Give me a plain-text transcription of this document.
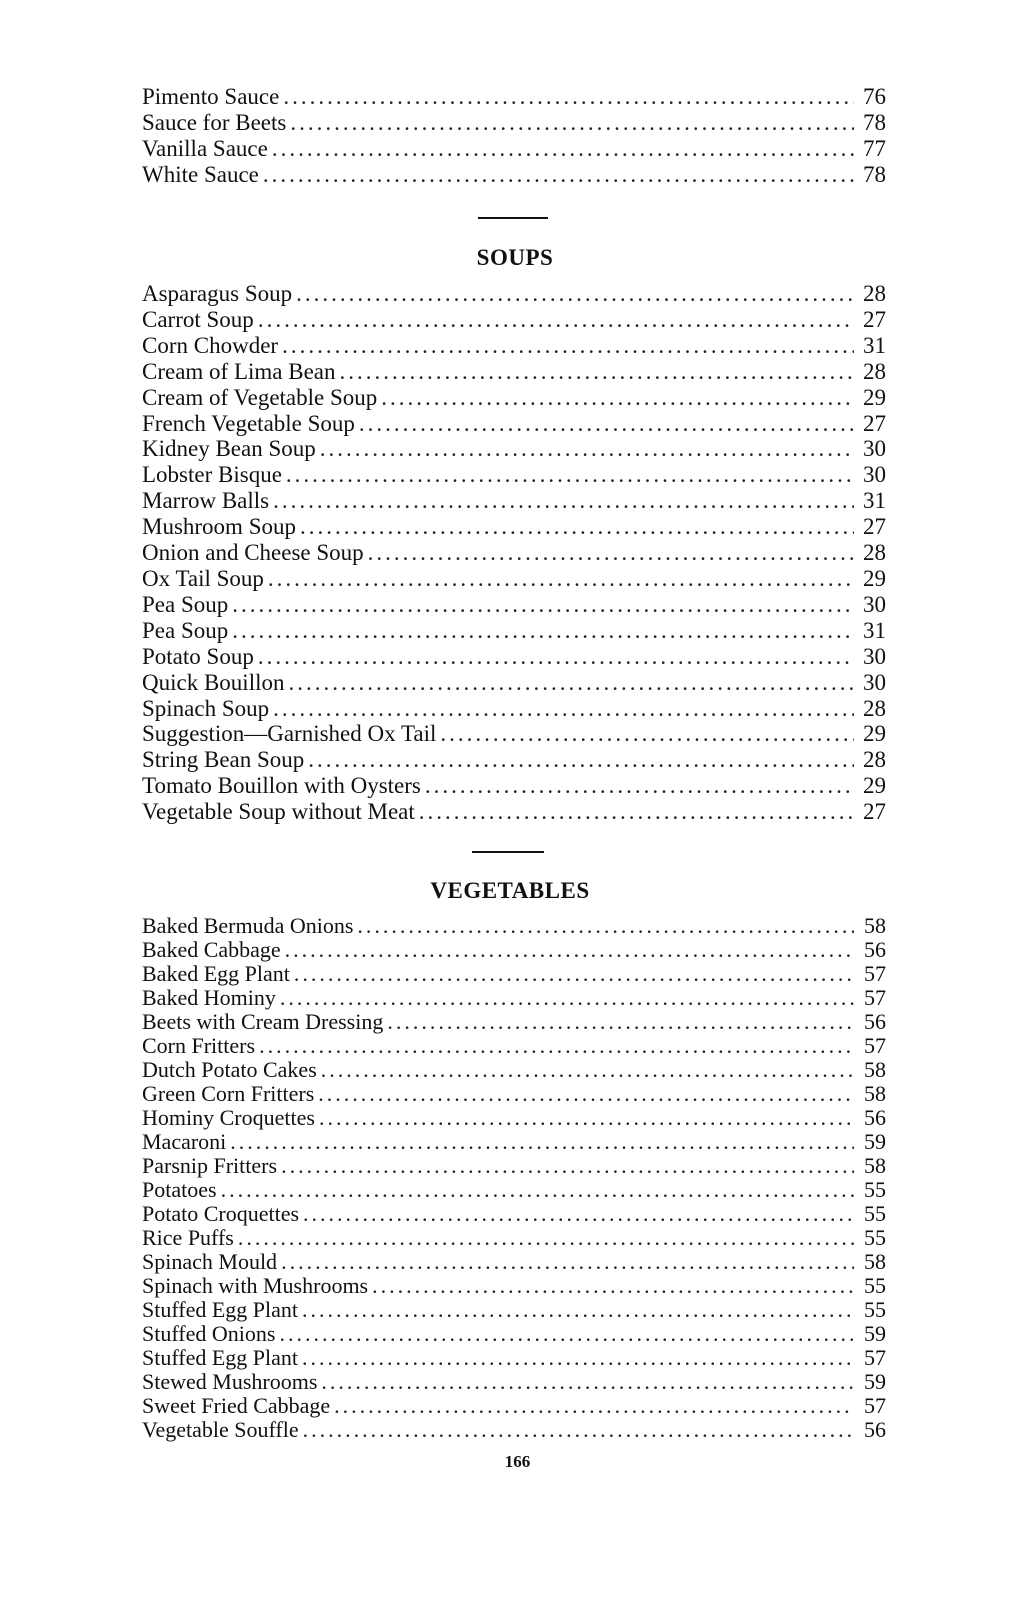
Pimento Sauce .....	76
Sauce for Beets .....	78
Vanilla Sauce .....	77
White Sauce .....	78
SOUPS
Asparagus Soup .....	28
Carrot Soup .....	27
Corn Chowder .....	31
Cream of Lima Bean .....	28
Cream of Vegetable Soup .....	29
French Vegetable Soup .....	27
Kidney Bean Soup .....	30
Lobster Bisque .....	30
Marrow Balls .....	31
Mushroom Soup .....	27
Onion and Cheese Soup .....	28
Ox Tail Soup .....	29
Pea Soup .....	30
Pea Soup .....	31
Potato Soup .....	30
Quick Bouillon .....	30
Spinach Soup .....	28
Suggestion—Garnished Ox Tail .....	29
String Bean Soup .....	28
Tomato Bouillon with Oysters .....	29
Vegetable Soup without Meat .....	27
VEGETABLES
Baked Bermuda Onions .....	58
Baked Cabbage .....	56
Baked Egg Plant .....	57
Baked Hominy .....	57
Beets with Cream Dressing .....	56
Corn Fritters .....	57
Dutch Potato Cakes .....	58
Green Corn Fritters .....	58
Hominy Croquettes .....	56
Macaroni .....	59
Parsnip Fritters .....	58
Potatoes .....	55
Potato Croquettes .....	55
Rice Puffs .....	55
Spinach Mould .....	58
Spinach with Mushrooms .....	55
Stuffed Egg Plant .....	55
Stuffed Onions .....	59
Stuffed Egg Plant .....	57
Stewed Mushrooms .....	59
Sweet Fried Cabbage .....	57
Vegetable Souffle .....	56
166
